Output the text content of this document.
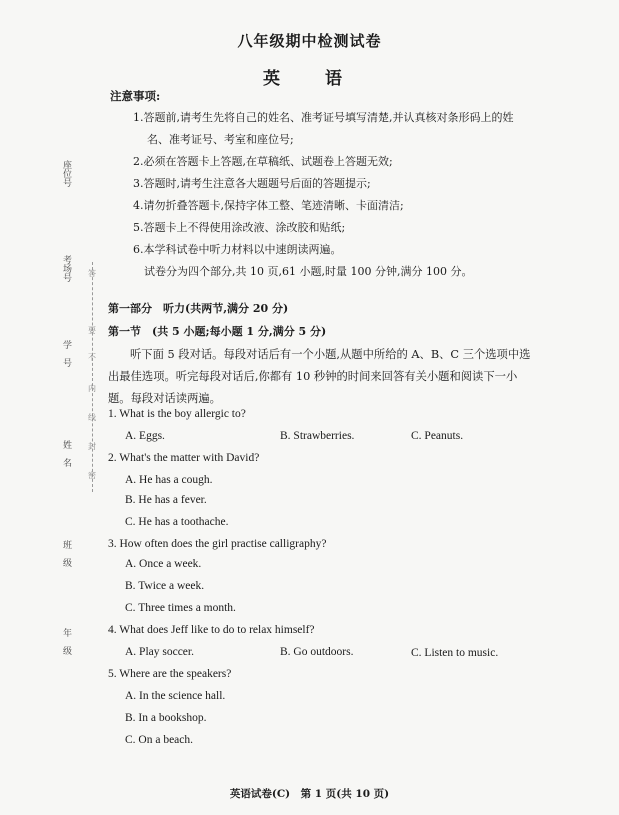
座位号
考场号
学　号
姓　名
班　级
年　级
答
要
不
内
线
封
密
八年级期中检测试卷
英　语
注意事项:
1.答题前,请考生先将自己的姓名、准考证号填写清楚,并认真核对条形码上的姓
名、准考证号、考室和座位号;
2.必须在答题卡上答题,在草稿纸、试题卷上答题无效;
3.答题时,请考生注意各大题题号后面的答题提示;
4.请勿折叠答题卡,保持字体工整、笔迹清晰、卡面清洁;
5.答题卡上不得使用涂改液、涂改胶和贴纸;
6.本学科试卷中听力材料以中速朗读两遍。
试卷分为四个部分,共 10 页,61 小题,时量 100 分钟,满分 100 分。
第一部分　听力(共两节,满分 20 分)
第一节　(共 5 小题;每小题 1 分,满分 5 分)
听下面 5 段对话。每段对话后有一个小题,从题中所给的 A、B、C 三个选项中选
出最佳选项。听完每段对话后,你都有 10 秒钟的时间来回答有关小题和阅读下一小
题。每段对话读两遍。
1. What is the boy allergic to?
A. Eggs.	B. Strawberries.	C. Peanuts.
2. What's the matter with David?
A. He has a cough.
B. He has a fever.
C. He has a toothache.
3. How often does the girl practise calligraphy?
A. Once a week.
B. Twice a week.
C. Three times a month.
4. What does Jeff like to do to relax himself?
A. Play soccer.	B. Go outdoors.	C. Listen to music.
5. Where are the speakers?
A. In the science hall.
B. In a bookshop.
C. On a beach.
英语试卷(C)　第 1 页(共 10 页)
